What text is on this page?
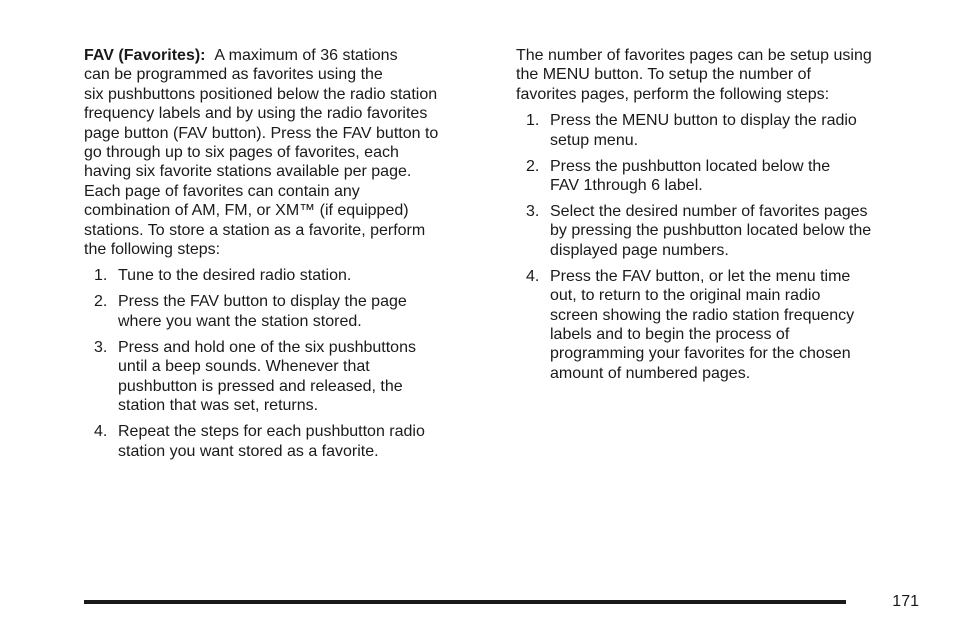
FAV (Favorites): A maximum of 36 stations
can be programmed as favorites using the
six pushbuttons positioned below the radio station
frequency labels and by using the radio favorites
page button (FAV button). Press the FAV button to
go through up to six pages of favorites, each
having six favorite stations available per page.
Each page of favorites can contain any
combination of AM, FM, or XM™ (if equipped)
stations. To store a station as a favorite, perform
the following steps:

1. Tune to the desired radio station.
2. Press the FAV button to display the page
where you want the station stored.
3. Press and hold one of the six pushbuttons
until a beep sounds. Whenever that
pushbutton is pressed and released, the
station that was set, returns.
4. Repeat the steps for each pushbutton radio
station you want stored as a favorite.

The number of favorites pages can be setup using
the MENU button. To setup the number of
favorites pages, perform the following steps:

1. Press the MENU button to display the radio
setup menu.
2. Press the pushbutton located below the
FAV 1through 6 label.
3. Select the desired number of favorites pages
by pressing the pushbutton located below the
displayed page numbers.
4. Press the FAV button, or let the menu time
out, to return to the original main radio
screen showing the radio station frequency
labels and to begin the process of
programming your favorites for the chosen
amount of numbered pages.
171
